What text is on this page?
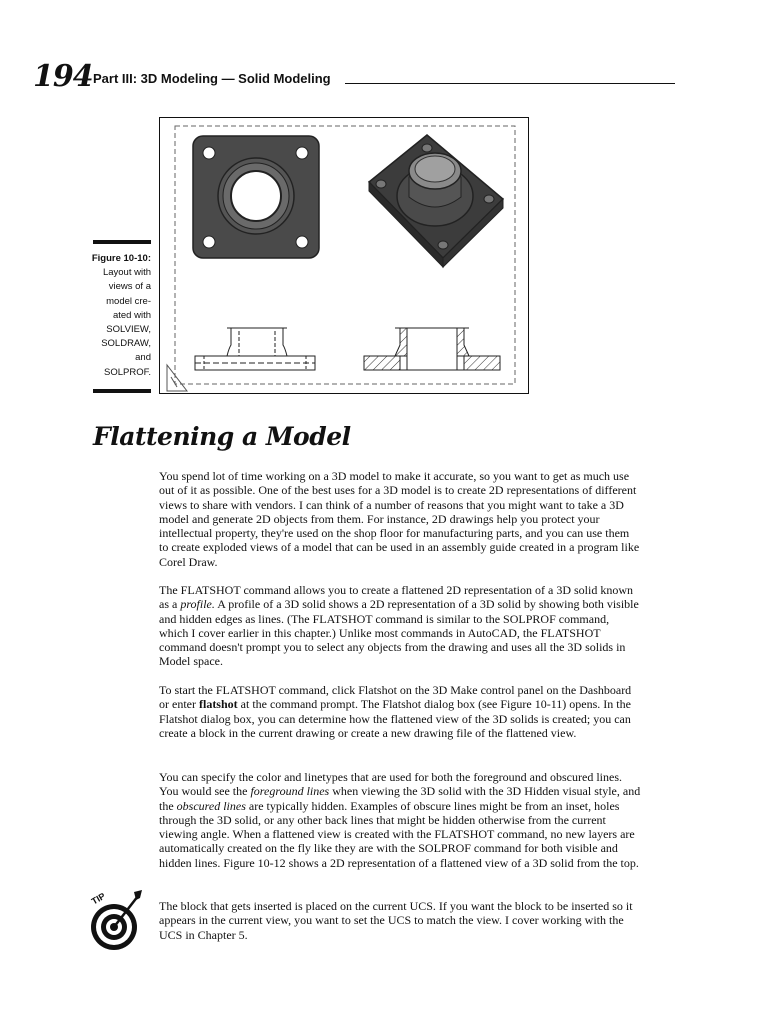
194 Part III: 3D Modeling — Solid Modeling
Figure 10-10:
Layout with
views of a
model cre-
ated with
SOLVIEW,
SOLDRAW,
and
SOLPROF.
Flattening a Model

You spend lot of time working on a 3D model to make it accurate, so you want to get as much use out of it as possible. One of the best uses for a 3D model is to create 2D representations of different views to share with vendors. I can think of a number of reasons that you might want to take a 3D model and generate 2D objects from them. For instance, 2D drawings help you protect your intellectual property, they're used on the shop floor for manufacturing parts, and you can use them to create exploded views of a model that can be used in an assembly guide created in a program like Corel Draw.

The FLATSHOT command allows you to create a flattened 2D representation of a 3D solid known as a profile. A profile of a 3D solid shows a 2D representation of a 3D solid by showing both visible and hidden edges as lines. (The FLATSHOT command is similar to the SOLPROF command, which I cover earlier in this chapter.) Unlike most commands in AutoCAD, the FLATSHOT command doesn't prompt you to select any objects from the drawing and uses all the 3D solids in Model space.

To start the FLATSHOT command, click Flatshot on the 3D Make control panel on the Dashboard or enter flatshot at the command prompt. The Flatshot dialog box (see Figure 10-11) opens. In the Flatshot dialog box, you can determine how the flattened view of the 3D solids is created; you can create a block in the current drawing or create a new drawing file of the flattened view.

You can specify the color and linetypes that are used for both the foreground and obscured lines. You would see the foreground lines when viewing the 3D solid with the 3D Hidden visual style, and the obscured lines are typically hidden. Examples of obscure lines might be from an inset, holes through the 3D solid, or any other back lines that might be hidden otherwise from the current viewing angle. When a flattened view is created with the FLATSHOT command, no new layers are automatically created on the fly like they are with the SOLPROF command for both visible and hidden lines. Figure 10-12 shows a 2D representation of a flattened view of a 3D solid from the top.

TIP	The block that gets inserted is placed on the current UCS. If you want the block to be inserted so it appears in the current view, you want to set the UCS to match the view. I cover working with the UCS in Chapter 5.
